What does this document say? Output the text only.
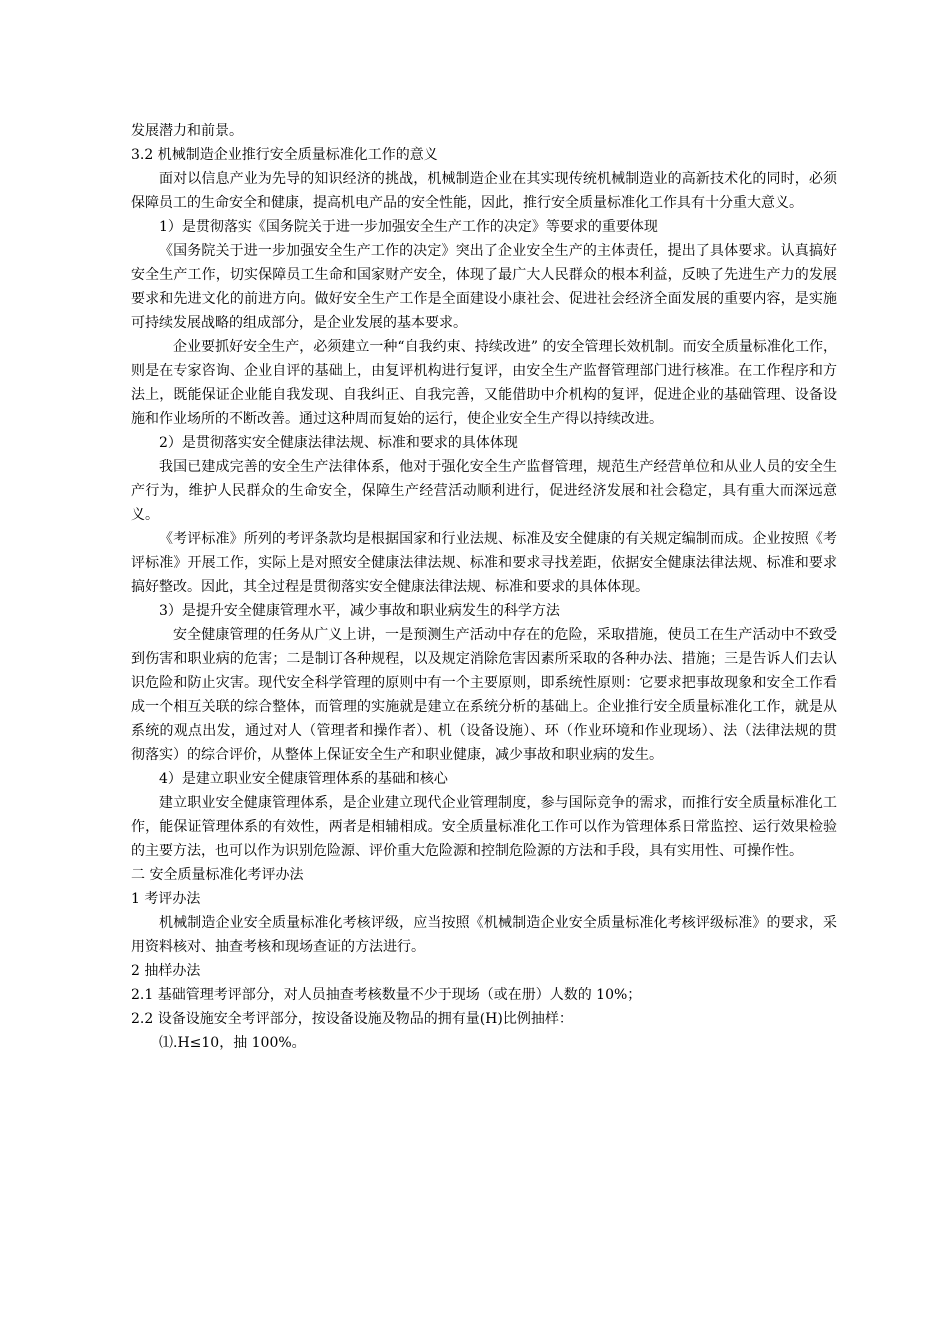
发展潜力和前景。

3.2 机械制造企业推行安全质量标准化工作的意义

面对以信息产业为先导的知识经济的挑战，机械制造企业在其实现传统机械制造业的高新技术化的同时，必须保障员工的生命安全和健康，提高机电产品的安全性能，因此，推行安全质量标准化工作具有十分重大意义。

1）是贯彻落实《国务院关于进一步加强安全生产工作的决定》等要求的重要体现

《国务院关于进一步加强安全生产工作的决定》突出了企业安全生产的主体责任，提出了具体要求。认真搞好安全生产工作，切实保障员工生命和国家财产安全，体现了最广大人民群众的根本利益，反映了先进生产力的发展要求和先进文化的前进方向。做好安全生产工作是全面建设小康社会、促进社会经济全面发展的重要内容，是实施可持续发展战略的组成部分，是企业发展的基本要求。

企业要抓好安全生产，必须建立一种“自我约束、持续改进” 的安全管理长效机制。而安全质量标准化工作，则是在专家咨询、企业自评的基础上，由复评机构进行复评，由安全生产监督管理部门进行核准。在工作程序和方法上，既能保证企业能自我发现、自我纠正、自我完善，又能借助中介机构的复评，促进企业的基础管理、设备设施和作业场所的不断改善。通过这种周而复始的运行，使企业安全生产得以持续改进。

2）是贯彻落实安全健康法律法规、标准和要求的具体体现

我国已建成完善的安全生产法律体系，他对于强化安全生产监督管理，规范生产经营单位和从业人员的安全生产行为，维护人民群众的生命安全，保障生产经营活动顺利进行，促进经济发展和社会稳定，具有重大而深远意义。

《考评标准》所列的考评条款均是根据国家和行业法规、标准及安全健康的有关规定编制而成。企业按照《考评标准》开展工作，实际上是对照安全健康法律法规、标准和要求寻找差距，依据安全健康法律法规、标准和要求搞好整改。因此，其全过程是贯彻落实安全健康法律法规、标准和要求的具体体现。

3）是提升安全健康管理水平，减少事故和职业病发生的科学方法

安全健康管理的任务从广义上讲，一是预测生产活动中存在的危险，采取措施，使员工在生产活动中不致受到伤害和职业病的危害；二是制订各种规程，以及规定消除危害因素所采取的各种办法、措施；三是告诉人们去认识危险和防止灾害。现代安全科学管理的原则中有一个主要原则，即系统性原则：它要求把事故现象和安全工作看成一个相互关联的综合整体，而管理的实施就是建立在系统分析的基础上。企业推行安全质量标准化工作，就是从系统的观点出发，通过对人（管理者和操作者）、机（设备设施）、环（作业环境和作业现场）、法（法律法规的贯彻落实）的综合评价，从整体上保证安全生产和职业健康，减少事故和职业病的发生。

4）是建立职业安全健康管理体系的基础和核心

建立职业安全健康管理体系，是企业建立现代企业管理制度，参与国际竞争的需求，而推行安全质量标准化工作，能保证管理体系的有效性，两者是相辅相成。安全质量标准化工作可以作为管理体系日常监控、运行效果检验的主要方法，也可以作为识别危险源、评价重大危险源和控制危险源的方法和手段，具有实用性、可操作性。

二 安全质量标准化考评办法

1 考评办法

机械制造企业安全质量标准化考核评级，应当按照《机械制造企业安全质量标准化考核评级标准》的要求，采用资料核对、抽查考核和现场查证的方法进行。

2 抽样办法

2.1 基础管理考评部分，对人员抽查考核数量不少于现场（或在册）人数的 10%；

2.2 设备设施安全考评部分，按设备设施及物品的拥有量(H)比例抽样：

⑴.H≤10，抽 100%。
